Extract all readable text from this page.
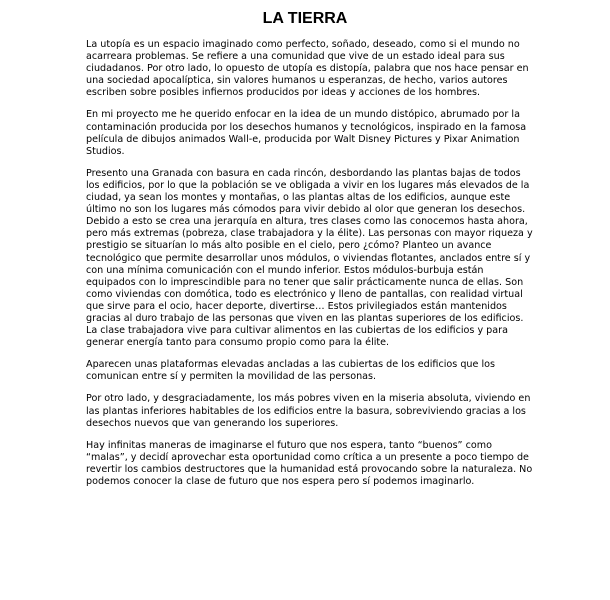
LA TIERRA

La utopía es un espacio imaginado como perfecto, soñado, deseado, como si el mundo no acarreara problemas. Se refiere a una comunidad que vive de un estado ideal para sus ciudadanos. Por otro lado, lo opuesto de utopía es distopía, palabra que nos hace pensar en una sociedad apocalíptica, sin valores humanos u esperanzas, de hecho, varios autores escriben sobre posibles infiernos producidos por ideas y acciones de los hombres.

En mi proyecto me he querido enfocar en la idea de un mundo distópico, abrumado por la contaminación producida por los desechos humanos y tecnológicos, inspirado en la famosa película de dibujos animados Wall-e, producida por Walt Disney Pictures y Pixar Animation Studios.

Presento una Granada con basura en cada rincón, desbordando las plantas bajas de todos los edificios, por lo que la población se ve obligada a vivir en los lugares más elevados de la ciudad, ya sean los montes y montañas, o las plantas altas de los edificios, aunque este último no son los lugares más cómodos para vivir debido al olor que generan los desechos. Debido a esto se crea una jerarquía en altura, tres clases como las conocemos hasta ahora, pero más extremas (pobreza, clase trabajadora y la élite). Las personas con mayor riqueza y prestigio se situarían lo más alto posible en el cielo, pero ¿cómo? Planteo un avance tecnológico que permite desarrollar unos módulos, o viviendas flotantes, anclados entre sí y con una mínima comunicación con el mundo inferior. Estos módulos-burbuja están equipados con lo imprescindible para no tener que salir prácticamente nunca de ellas. Son como viviendas con domótica, todo es electrónico y lleno de pantallas, con realidad virtual que sirve para el ocio, hacer deporte, divertirse… Estos privilegiados están mantenidos gracias al duro trabajo de las personas que viven en las plantas superiores de los edificios. La clase trabajadora vive para cultivar alimentos en las cubiertas de los edificios y para generar energía tanto para consumo propio como para la élite.

Aparecen unas plataformas elevadas ancladas a las cubiertas de los edificios que los comunican entre sí y permiten la movilidad de las personas.

Por otro lado, y desgraciadamente, los más pobres viven en la miseria absoluta, viviendo en las plantas inferiores habitables de los edificios entre la basura, sobreviviendo gracias a los desechos nuevos que van generando los superiores.

Hay infinitas maneras de imaginarse el futuro que nos espera, tanto “buenos” como “malas”, y decidí aprovechar esta oportunidad como crítica a un presente a poco tiempo de revertir los cambios destructores que la humanidad está provocando sobre la naturaleza. No podemos conocer la clase de futuro que nos espera pero sí podemos imaginarlo.
